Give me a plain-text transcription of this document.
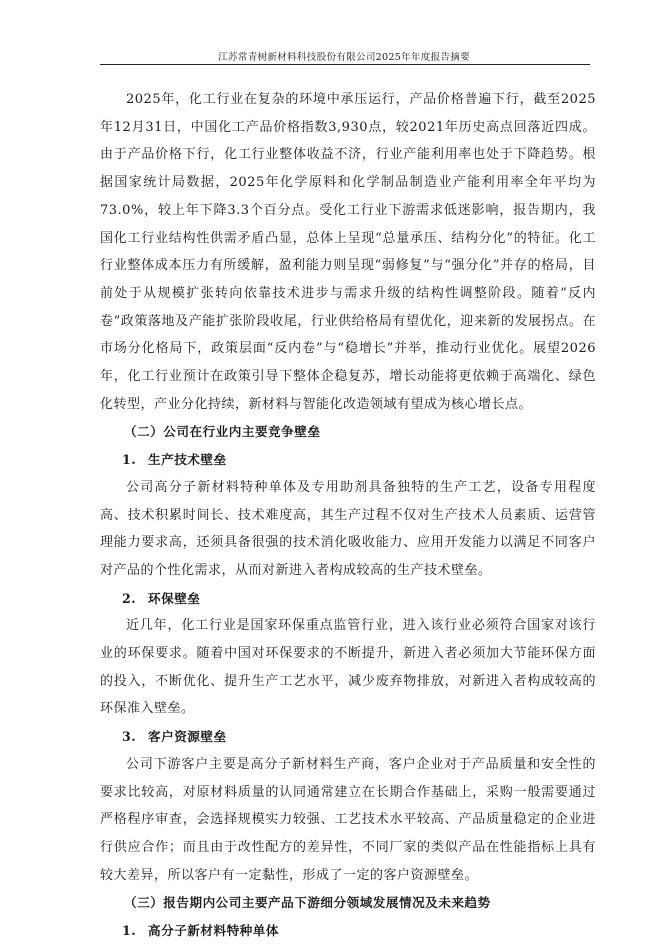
江苏常青树新材料科技股份有限公司2025年年度报告摘要

2025年，化工行业在复杂的环境中承压运行，产品价格普遍下行，截至2025年12月31日，中国化工产品价格指数3,930点，较2021年历史高点回落近四成。由于产品价格下行，化工行业整体收益不济，行业产能利用率也处于下降趋势。根据国家统计局数据，2025年化学原料和化学制品制造业产能利用率全年平均为73.0%，较上年下降3.3个百分点。受化工行业下游需求低迷影响，报告期内，我国化工行业结构性供需矛盾凸显，总体上呈现“总量承压、结构分化”的特征。化工行业整体成本压力有所缓解，盈利能力则呈现“弱修复”与“强分化”并存的格局，目前处于从规模扩张转向依靠技术进步与需求升级的结构性调整阶段。随着“反内卷”政策落地及产能扩张阶段收尾，行业供给格局有望优化，迎来新的发展拐点。在市场分化格局下，政策层面“反内卷”与“稳增长”并举，推动行业优化。展望2026年，化工行业预计在政策引导下整体企稳复苏，增长动能将更依赖于高端化、绿色化转型，产业分化持续，新材料与智能化改造领域有望成为核心增长点。

（二）公司在行业内主要竞争壁垒

1. 生产技术壁垒

公司高分子新材料特种单体及专用助剂具备独特的生产工艺，设备专用程度高、技术积累时间长、技术难度高，其生产过程不仅对生产技术人员素质、运营管理能力要求高，还须具备很强的技术消化吸收能力、应用开发能力以满足不同客户对产品的个性化需求，从而对新进入者构成较高的生产技术壁垒。

2. 环保壁垒

近几年，化工行业是国家环保重点监管行业，进入该行业必须符合国家对该行业的环保要求。随着中国对环保要求的不断提升，新进入者必须加大节能环保方面的投入，不断优化、提升生产工艺水平，减少废弃物排放，对新进入者构成较高的环保准入壁垒。

3. 客户资源壁垒

公司下游客户主要是高分子新材料生产商，客户企业对于产品质量和安全性的要求比较高，对原材料质量的认同通常建立在长期合作基础上，采购一般需要通过严格程序审查，会选择规模实力较强、工艺技术水平较高、产品质量稳定的企业进行供应合作；而且由于改性配方的差异性，不同厂家的类似产品在性能指标上具有较大差异，所以客户有一定黏性，形成了一定的客户资源壁垒。

（三）报告期内公司主要产品下游细分领域发展情况及未来趋势

1. 高分子新材料特种单体
